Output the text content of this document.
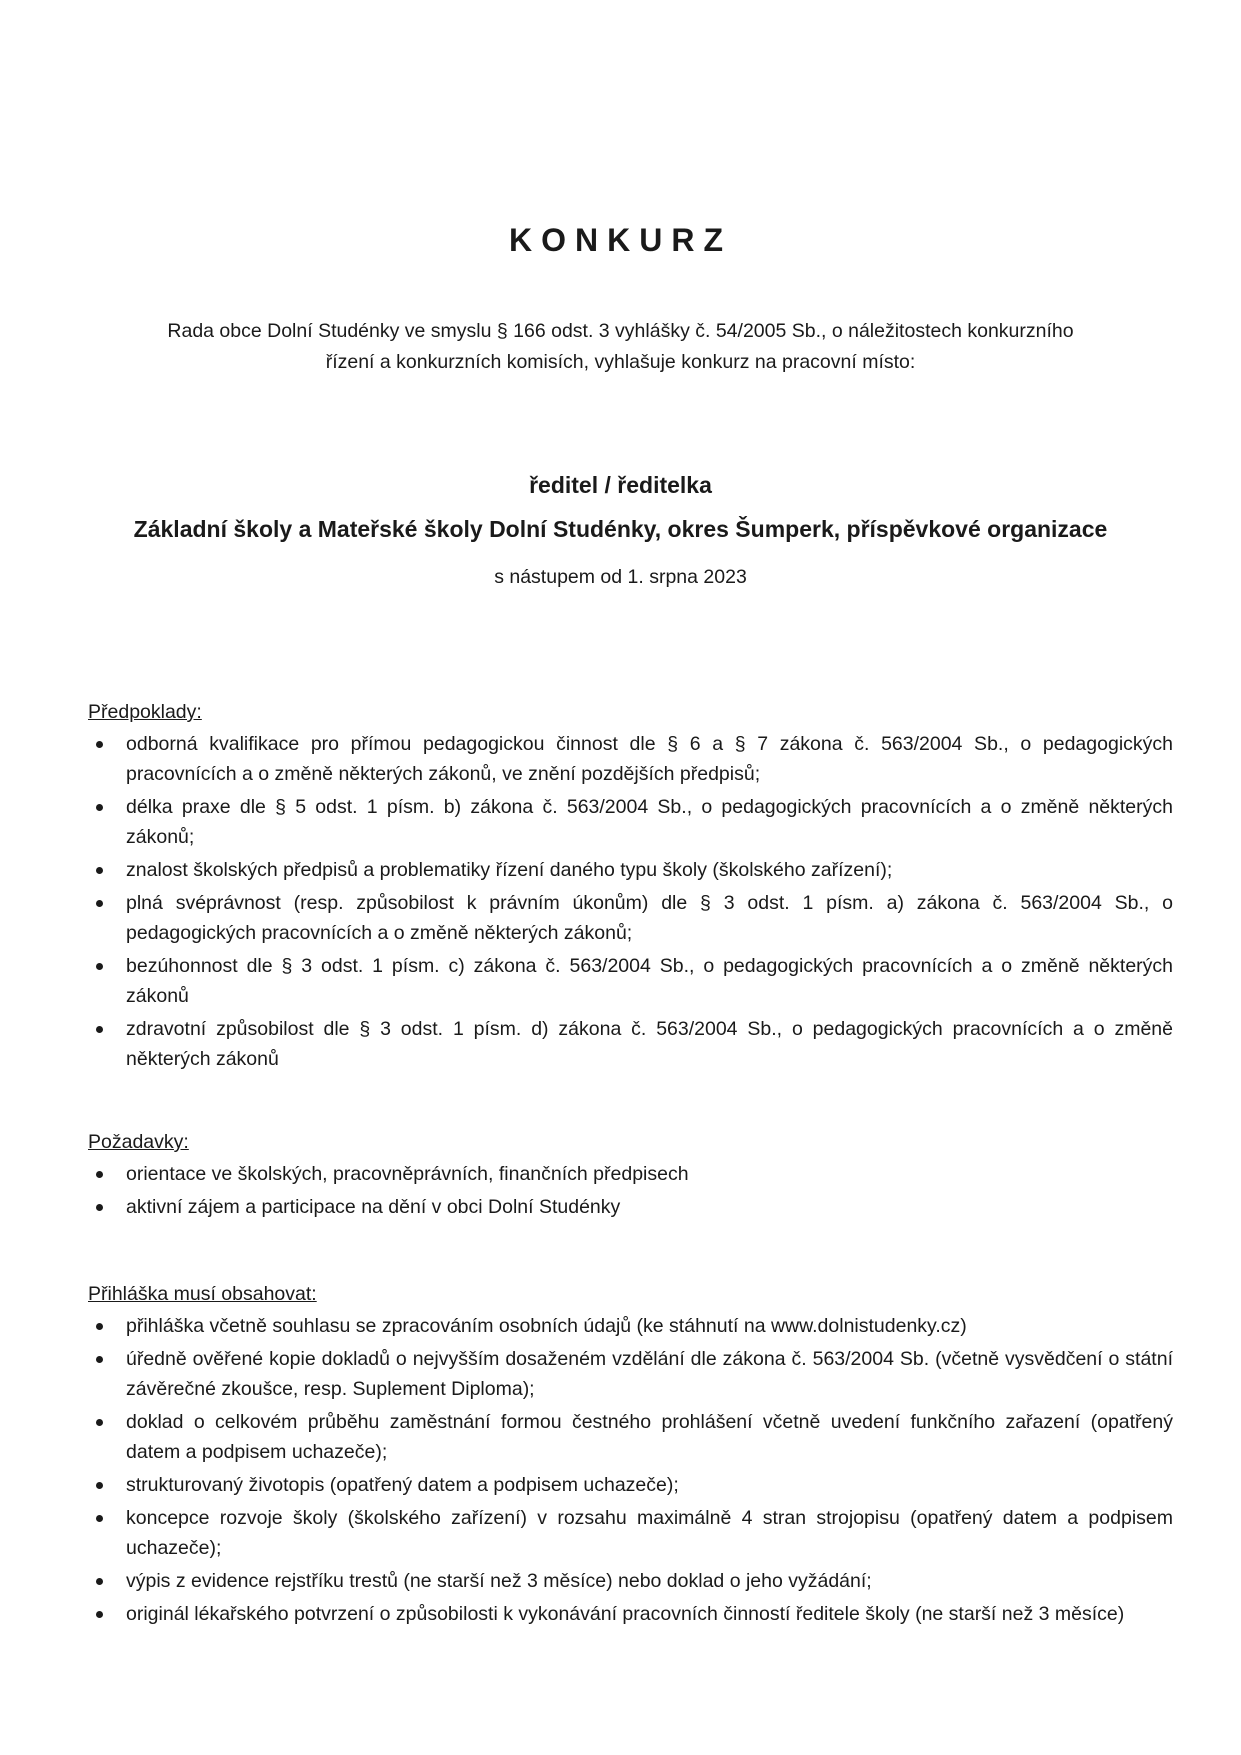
KONKURZ

Rada obce Dolní Studénky ve smyslu § 166 odst. 3 vyhlášky č. 54/2005 Sb., o náležitostech konkurzního
řízení a konkurzních komisích, vyhlašuje konkurz na pracovní místo:

ředitel / ředitelka

Základní školy a Mateřské školy Dolní Studénky, okres Šumperk, příspěvkové organizace

s nástupem od 1. srpna 2023

Předpoklady:

odborná kvalifikace pro přímou pedagogickou činnost dle § 6 a § 7 zákona č. 563/2004 Sb., o pedagogických pracovnících a o změně některých zákonů, ve znění pozdějších předpisů;
délka praxe dle § 5 odst. 1 písm. b) zákona č. 563/2004 Sb., o pedagogických pracovnících a o změně některých zákonů;
znalost školských předpisů a problematiky řízení daného typu školy (školského zařízení);
plná svéprávnost (resp. způsobilost k právním úkonům) dle § 3 odst. 1 písm. a) zákona č. 563/2004 Sb., o pedagogických pracovnících a o změně některých zákonů;
bezúhonnost dle § 3 odst. 1 písm. c) zákona č. 563/2004 Sb., o pedagogických pracovnících a o změně některých zákonů
zdravotní způsobilost dle § 3 odst. 1 písm. d) zákona č. 563/2004 Sb., o pedagogických pracovnících a o změně některých zákonů

Požadavky:

orientace ve školských, pracovněprávních, finančních předpisech
aktivní zájem a participace na dění v obci Dolní Studénky

Přihláška musí obsahovat:

přihláška včetně souhlasu se zpracováním osobních údajů (ke stáhnutí na www.dolnistudenky.cz)
úředně ověřené kopie dokladů o nejvyšším dosaženém vzdělání dle zákona č. 563/2004 Sb. (včetně vysvědčení o státní závěrečné zkoušce, resp. Suplement Diploma);
doklad o celkovém průběhu zaměstnání formou čestného prohlášení včetně uvedení funkčního zařazení (opatřený datem a podpisem uchazeče);
strukturovaný životopis (opatřený datem a podpisem uchazeče);
koncepce rozvoje školy (školského zařízení) v rozsahu maximálně 4 stran strojopisu (opatřený datem a podpisem uchazeče);
výpis z evidence rejstříku trestů (ne starší než 3 měsíce) nebo doklad o jeho vyžádání;
originál lékařského potvrzení o způsobilosti k vykonávání pracovních činností ředitele školy (ne starší než 3 měsíce)
